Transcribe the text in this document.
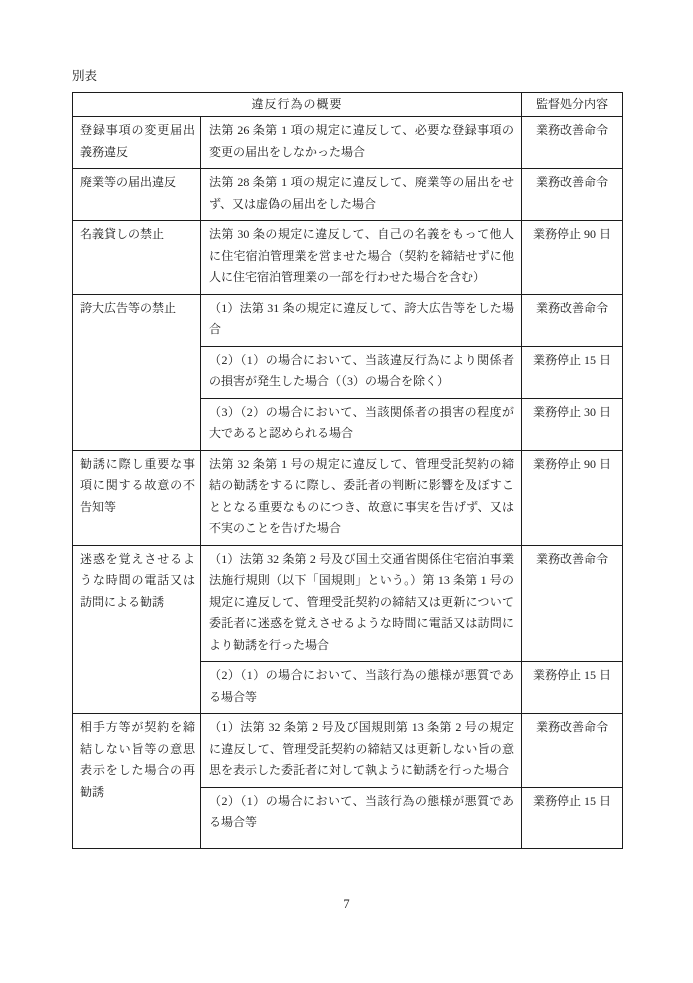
別表
違反行為の概要		監督処分内容
登録事項の変更届出義務違反	法第 26 条第 1 項の規定に違反して、必要な登録事項の変更の届出をしなかった場合	業務改善命令
廃業等の届出違反	法第 28 条第 1 項の規定に違反して、廃業等の届出をせず、又は虚偽の届出をした場合	業務改善命令
名義貸しの禁止	法第 30 条の規定に違反して、自己の名義をもって他人に住宅宿泊管理業を営ませた場合（契約を締結せずに他人に住宅宿泊管理業の一部を行わせた場合を含む）	業務停止 90 日
誇大広告等の禁止	（1）法第 31 条の規定に違反して、誇大広告等をした場合	業務改善命令
	（2）（1）の場合において、当該違反行為により関係者の損害が発生した場合（（3）の場合を除く）	業務停止 15 日
	（3）（2）の場合において、当該関係者の損害の程度が大であると認められる場合	業務停止 30 日
勧誘に際し重要な事項に関する故意の不告知等	法第 32 条第 1 号の規定に違反して、管理受託契約の締結の勧誘をするに際し、委託者の判断に影響を及ぼすこととなる重要なものにつき、故意に事実を告げず、又は不実のことを告げた場合	業務停止 90 日
迷惑を覚えさせるような時間の電話又は訪問による勧誘	（1）法第 32 条第 2 号及び国土交通省関係住宅宿泊事業法施行規則（以下「国規則」という。）第 13 条第 1 号の規定に違反して、管理受託契約の締結又は更新について委託者に迷惑を覚えさせるような時間に電話又は訪問により勧誘を行った場合	業務改善命令
	（2）（1）の場合において、当該行為の態様が悪質である場合等	業務停止 15 日
相手方等が契約を締結しない旨等の意思表示をした場合の再勧誘	（1）法第 32 条第 2 号及び国規則第 13 条第 2 号の規定に違反して、管理受託契約の締結又は更新しない旨の意思を表示した委託者に対して執ように勧誘を行った場合	業務改善命令
	（2）（1）の場合において、当該行為の態様が悪質である場合等	業務停止 15 日
7
